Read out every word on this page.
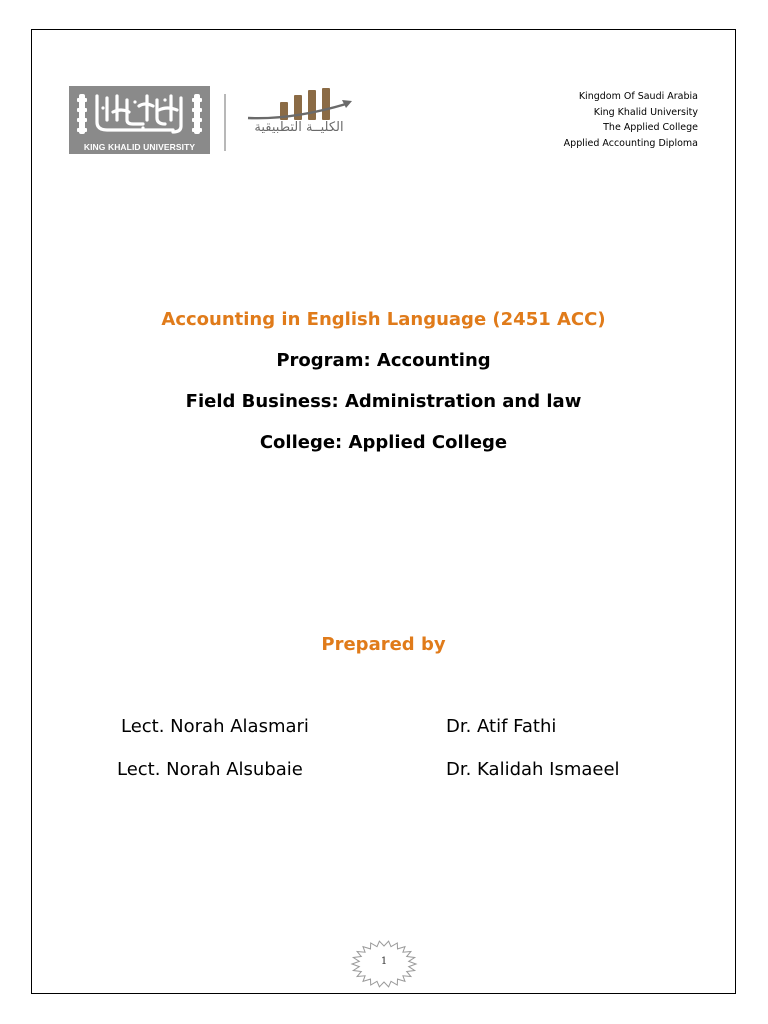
KING KHALID UNIVERSITY
الكليــة التطبيقية
Kingdom Of Saudi Arabia
King Khalid University
The Applied College
Applied Accounting Diploma
Accounting in English Language (2451 ACC)
Program: Accounting
Field Business: Administration and law
College: Applied College
Prepared by
Lect. Norah Alasmari	Dr. Atif Fathi
Lect. Norah Alsubaie	Dr. Kalidah Ismaeel
1
